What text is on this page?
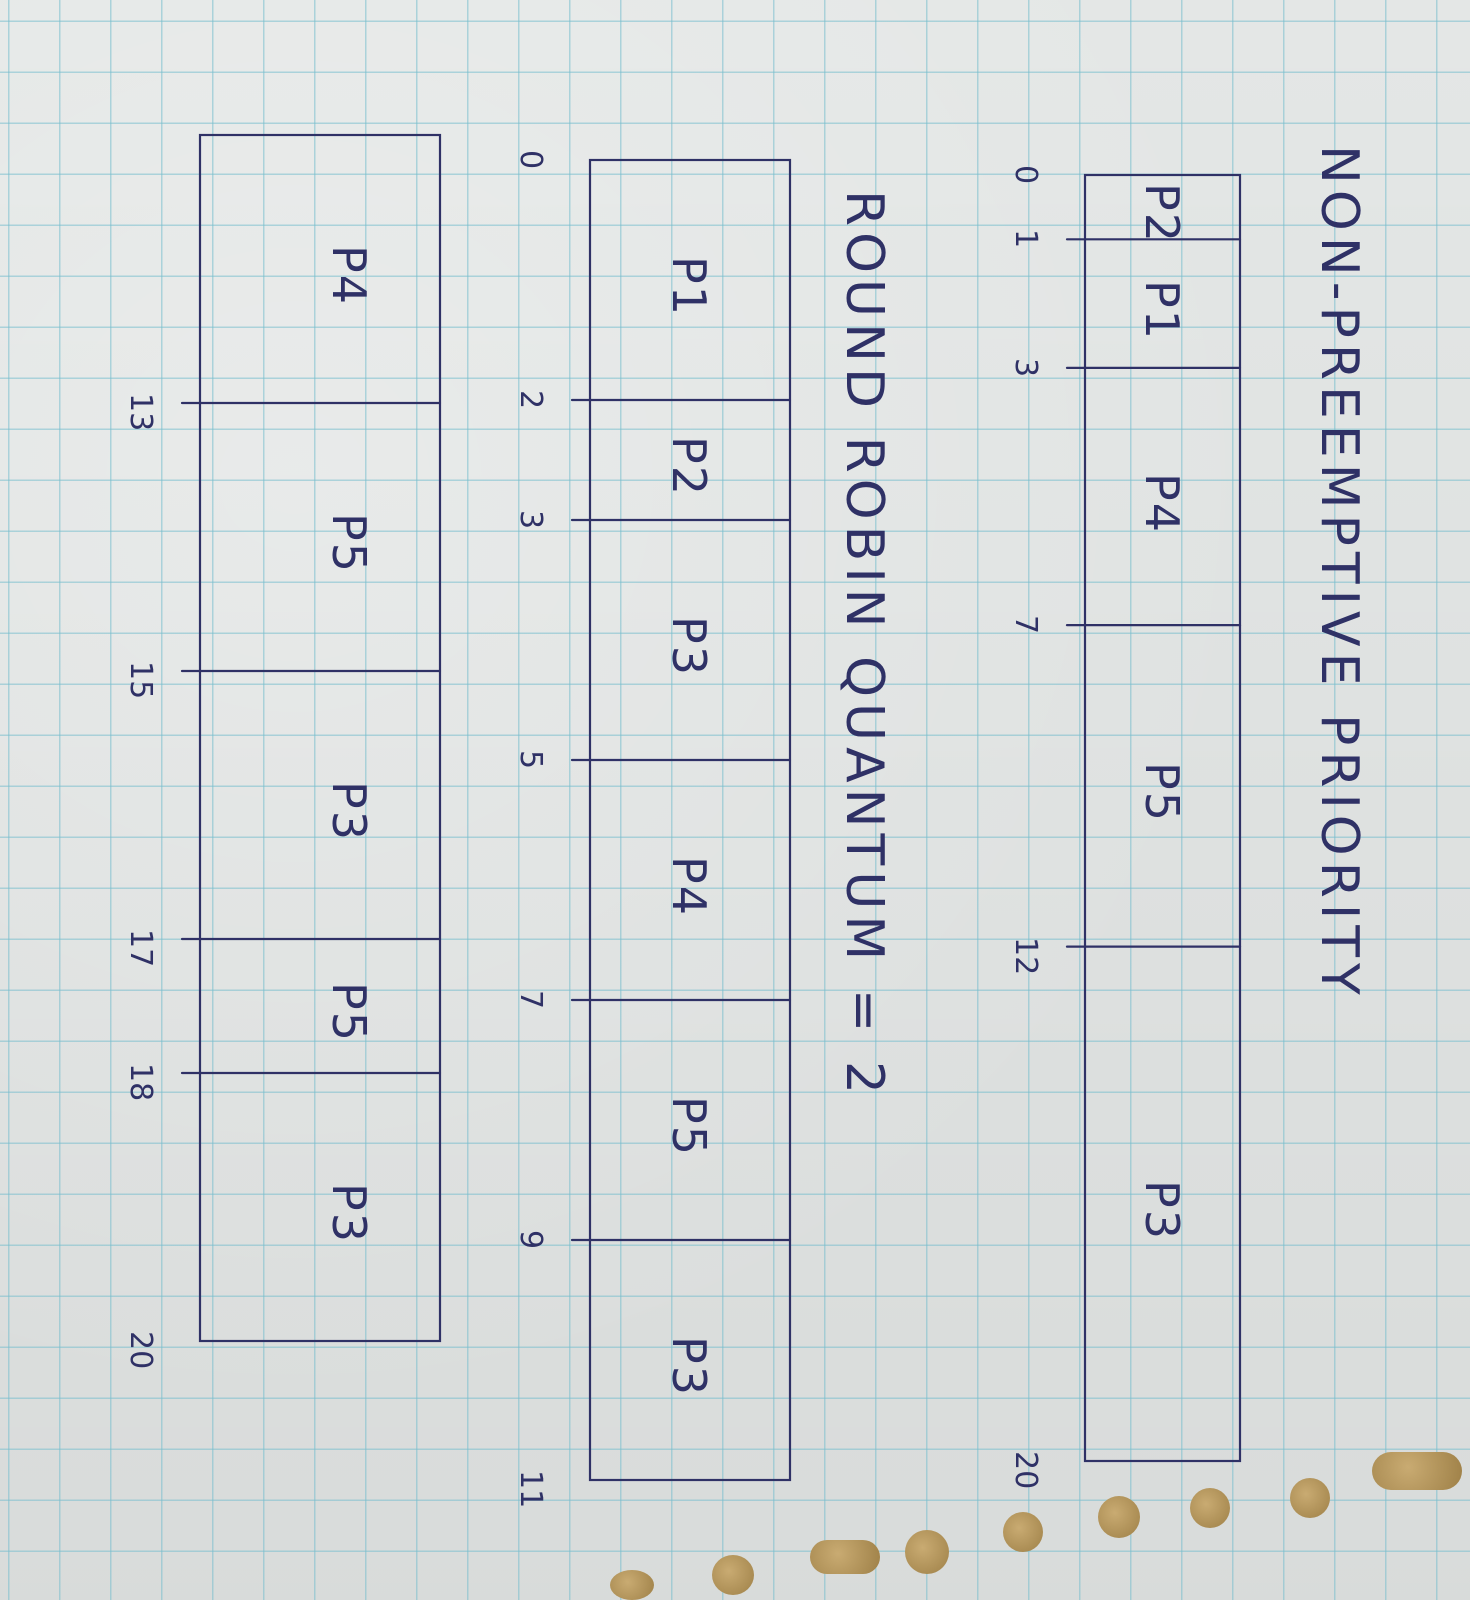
NON-PREEMPTIVE PRIORITY
ROUND ROBIN QUANTUM = 2	P2
P1
P4
P5
P3
0
1
3
7
12
20
P1
P2
P3
P4
P5
P3
P4
P5
P3
P5
P3
0
2
3
5
7
9
11
13
15
17
18
20
